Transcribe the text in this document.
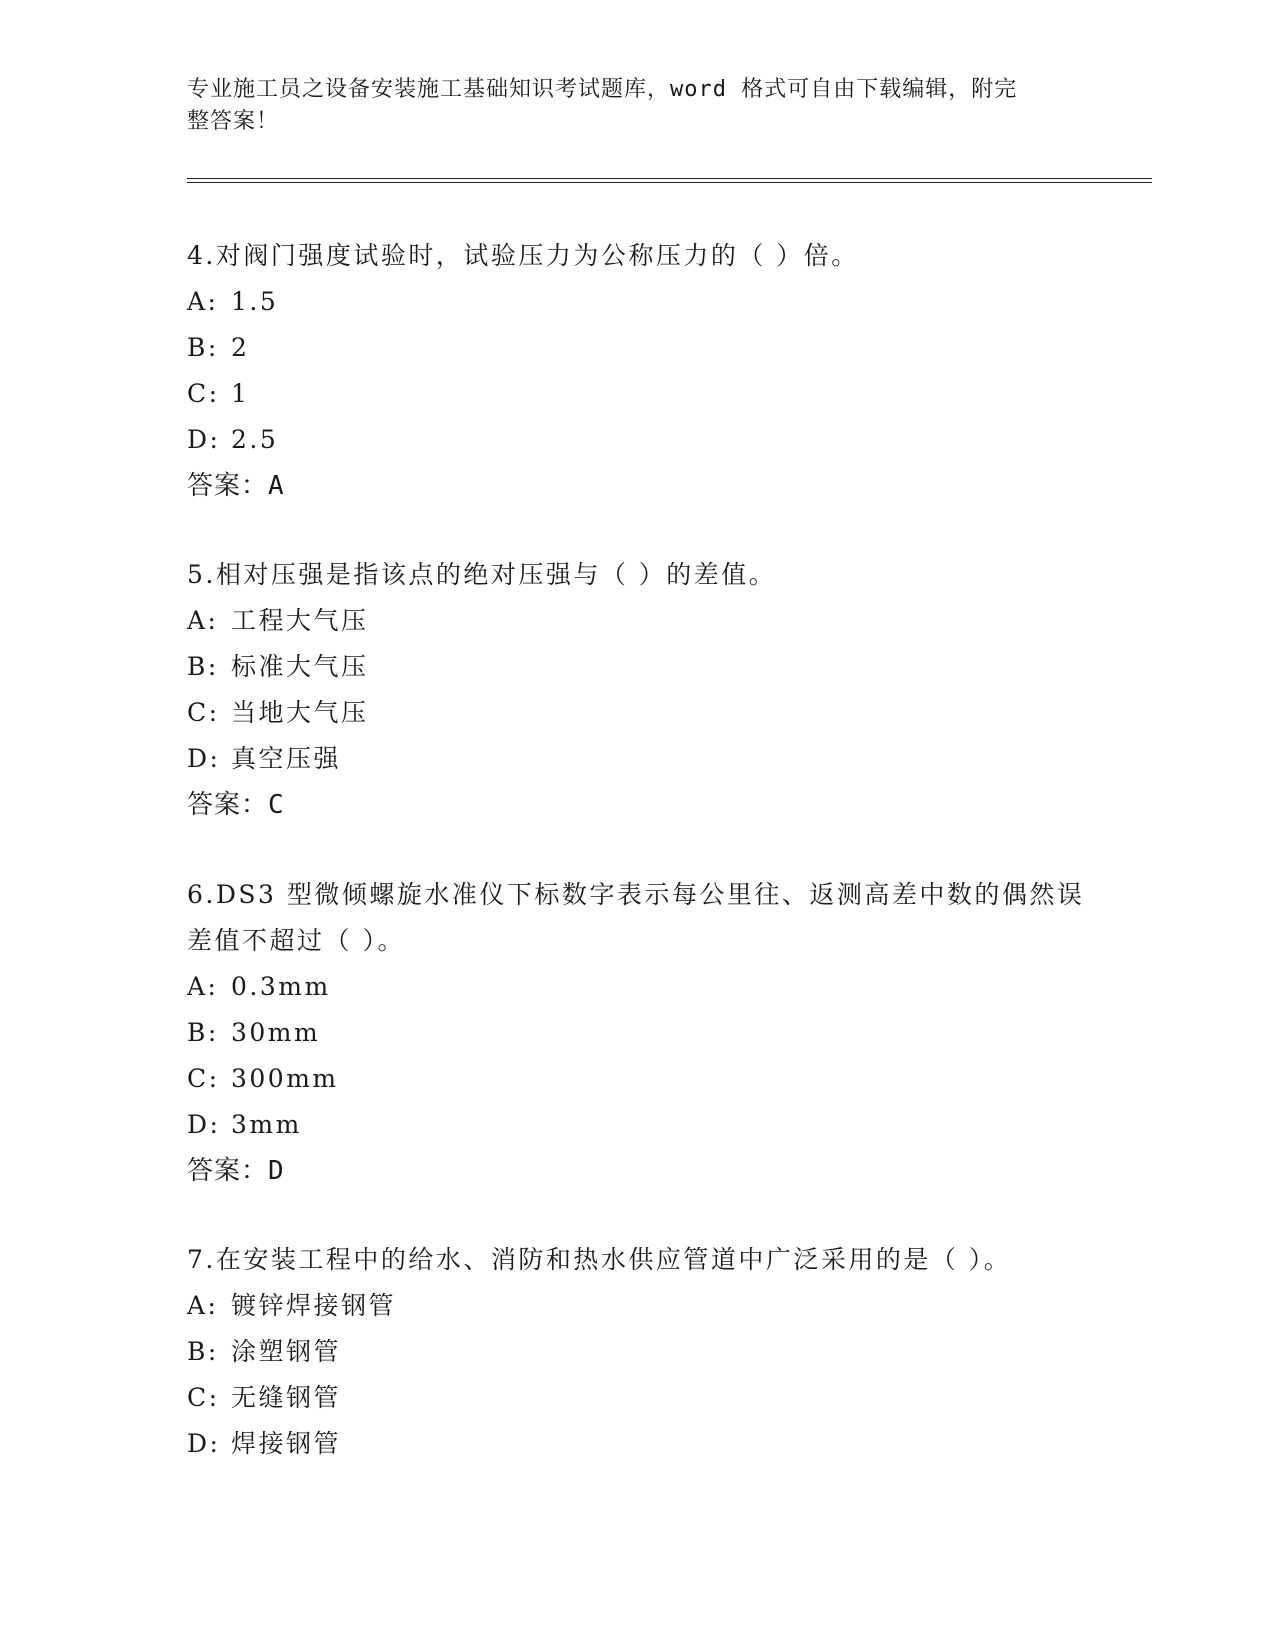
专业施工员之设备安装施工基础知识考试题库，word 格式可自由下载编辑，附完
整答案！

4.对阀门强度试验时，试验压力为公称压力的（ ）倍。

A: 1.5

B: 2

C: 1

D: 2.5

答案：A

5.相对压强是指该点的绝对压强与（ ）的差值。

A: 工程大气压

B: 标准大气压

C: 当地大气压

D: 真空压强

答案：C

6.DS3 型微倾螺旋水准仪下标数字表示每公里往、返测高差中数的偶然误差值不超过（ ）。

A: 0.3mm

B: 30mm

C: 300mm

D: 3mm

答案：D

7.在安装工程中的给水、消防和热水供应管道中广泛采用的是（ ）。

A: 镀锌焊接钢管

B: 涂塑钢管

C: 无缝钢管

D: 焊接钢管
